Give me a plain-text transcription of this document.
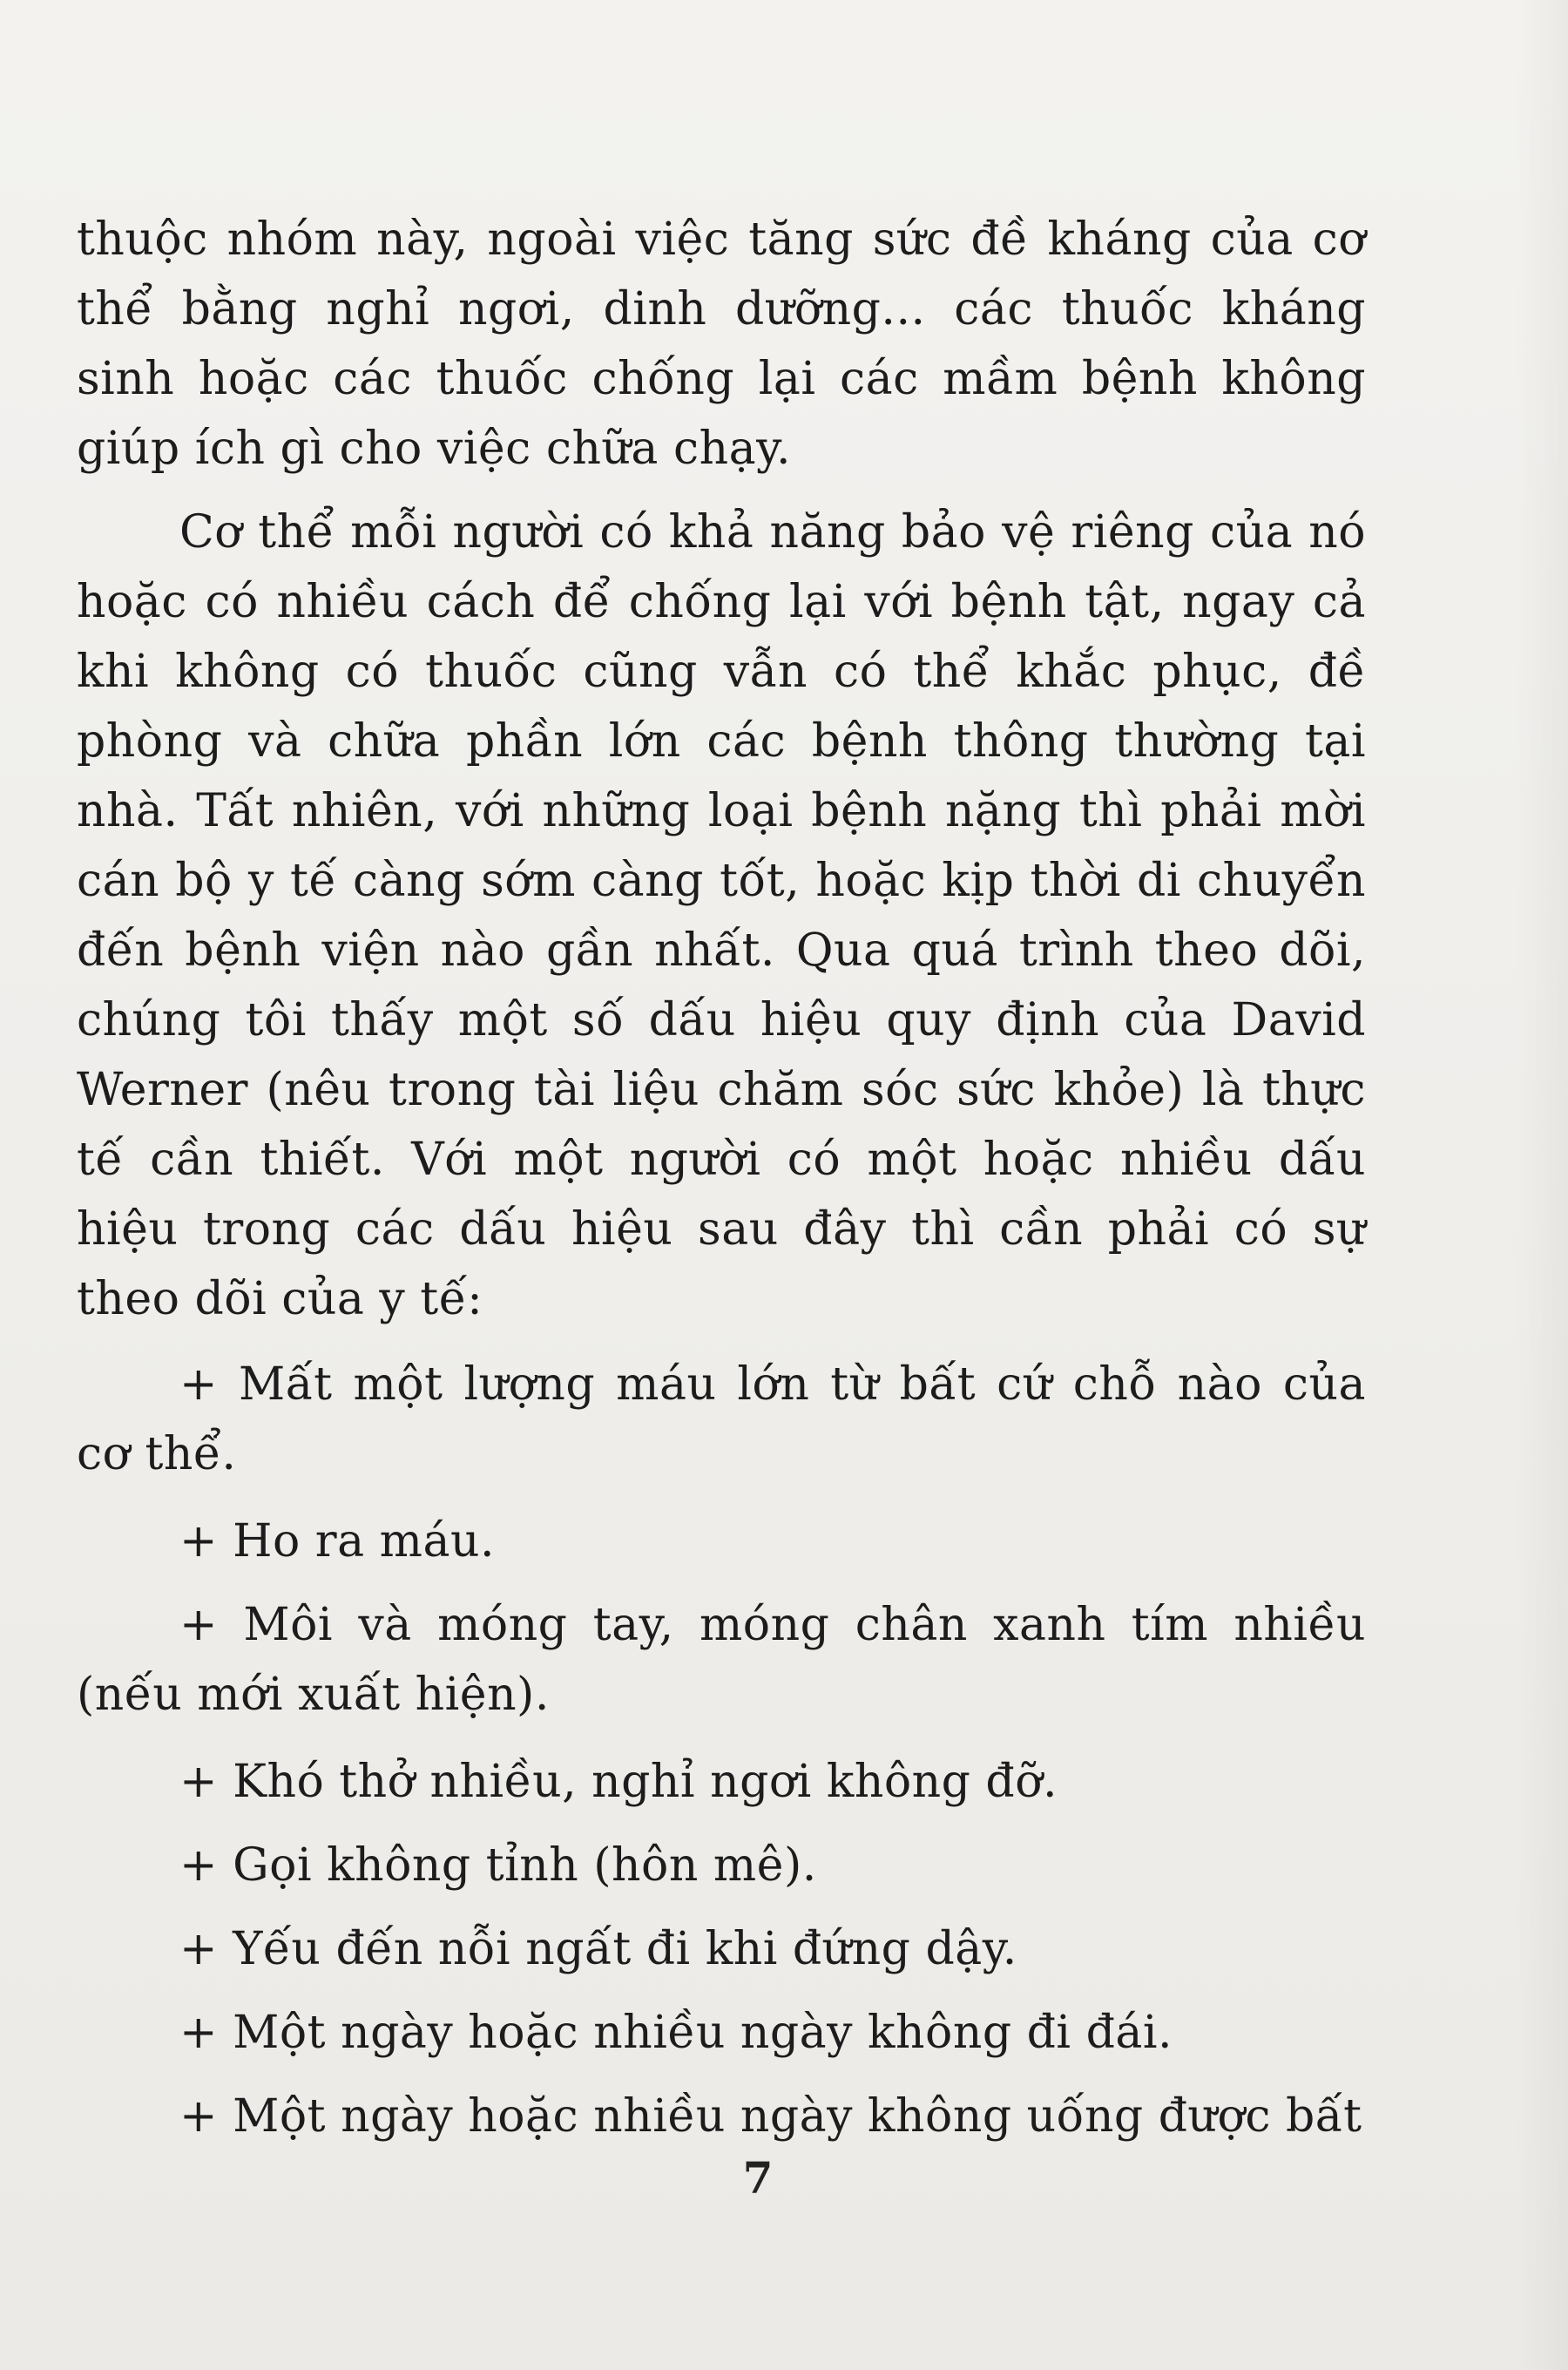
thuộc nhóm này, ngoài việc tăng sức đề kháng của cơ thể bằng nghỉ ngơi, dinh dưỡng... các thuốc kháng sinh hoặc các thuốc chống lại các mầm bệnh không giúp ích gì cho việc chữa chạy.

Cơ thể mỗi người có khả năng bảo vệ riêng của nó hoặc có nhiều cách để chống lại với bệnh tật, ngay cả khi không có thuốc cũng vẫn có thể khắc phục, đề phòng và chữa phần lớn các bệnh thông thường tại nhà. Tất nhiên, với những loại bệnh nặng thì phải mời cán bộ y tế càng sớm càng tốt, hoặc kịp thời di chuyển đến bệnh viện nào gần nhất. Qua quá trình theo dõi, chúng tôi thấy một số dấu hiệu quy định của David Werner (nêu trong tài liệu chăm sóc sức khỏe) là thực tế cần thiết. Với một người có một hoặc nhiều dấu hiệu trong các dấu hiệu sau đây thì cần phải có sự theo dõi của y tế:

+ Mất một lượng máu lớn từ bất cứ chỗ nào của cơ thể.
+ Ho ra máu.
+ Môi và móng tay, móng chân xanh tím nhiều (nếu mới xuất hiện).
+ Khó thở nhiều, nghỉ ngơi không đỡ.
+ Gọi không tỉnh (hôn mê).
+ Yếu đến nỗi ngất đi khi đứng dậy.
+ Một ngày hoặc nhiều ngày không đi đái.
+ Một ngày hoặc nhiều ngày không uống được bất
7
